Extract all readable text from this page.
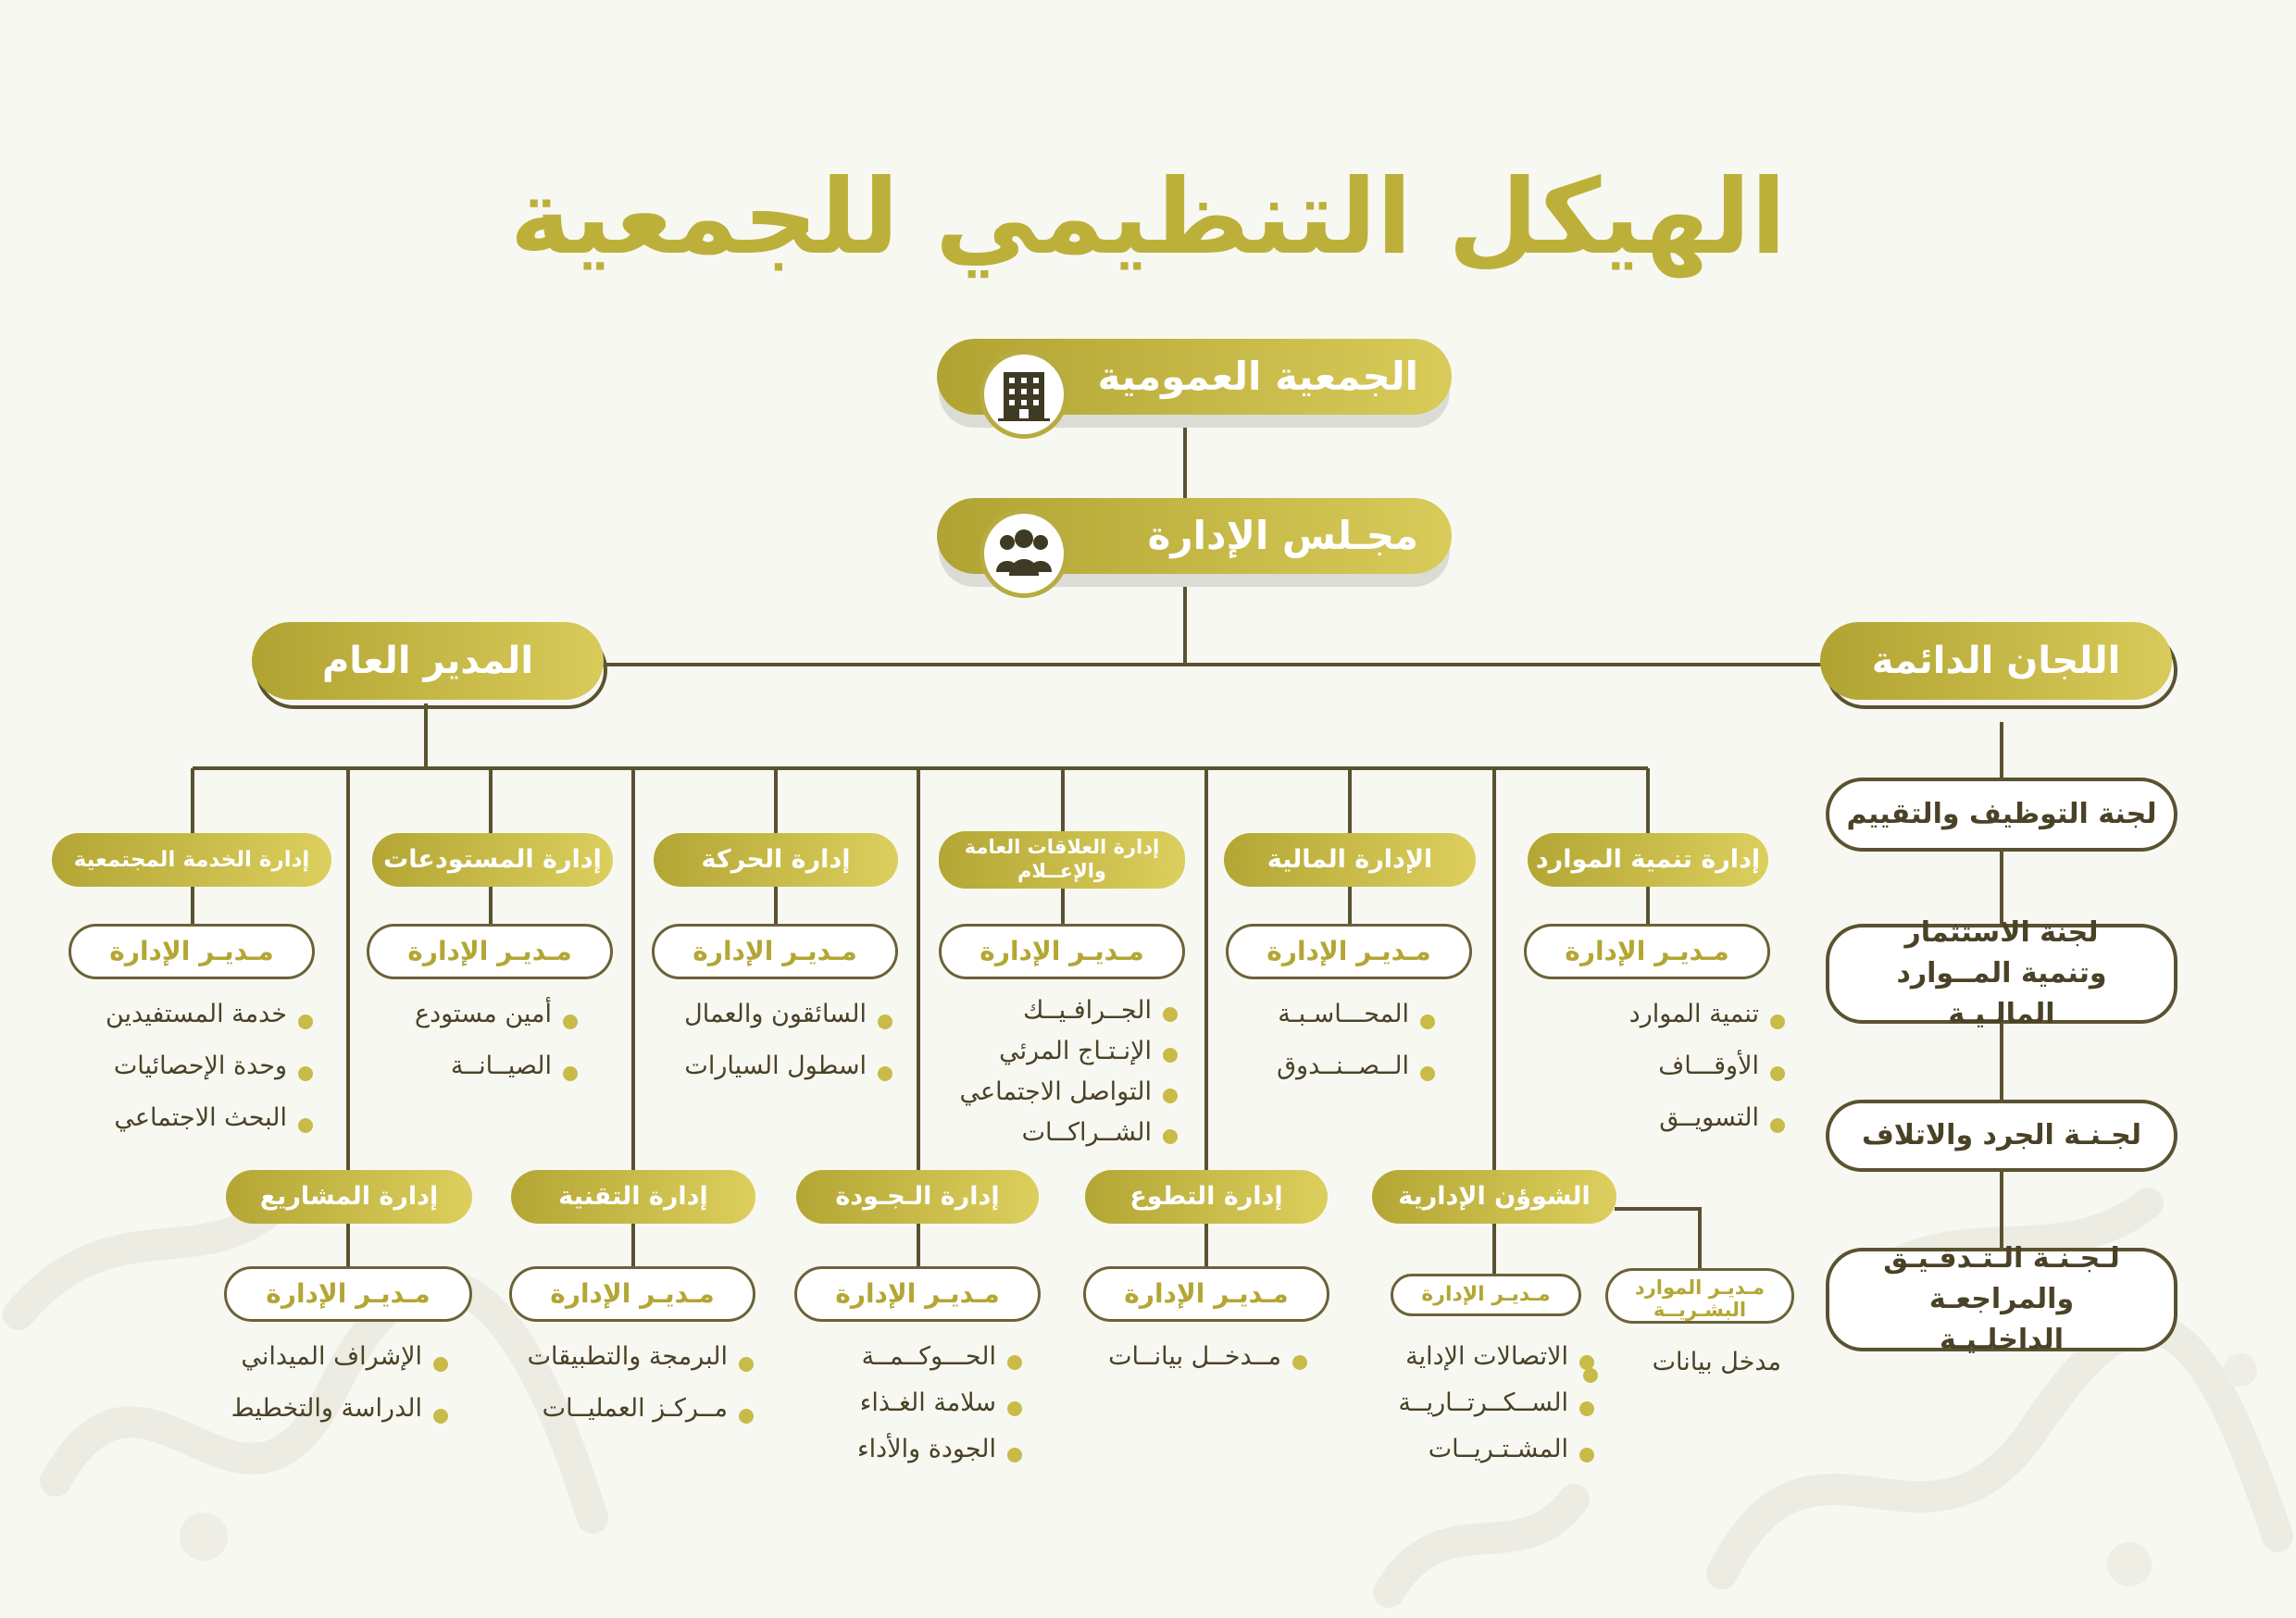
الهيكل التنظيمي للجمعية
الجمعية العمومية
مجـلس الإدارة
المدير العام	اللجان الدائمة
لجنة التوظيف والتقييم
لجنة الاستثمار وتنمية المــوارد المالـيـة
لجـنـة الجرد والاتلاف
لـجـنـة الـتـدقـيـق والمراجعـة الداخلـيـة
إدارة تنمية الموارد
مـديـر الإدارة
تنمية الموارد
الأوقـــاف
التسويــق
الإدارة المالية
مـديـر الإدارة
المحـــاسـبـة
الــصــنــدوق
إدارة العلاقات العامة والإعــلام
مـديـر الإدارة
الجــرافـيــك
الإنـتـاج المرئي
التواصل الاجتماعي
الشــراكــات
إدارة الحركة
مـديـر الإدارة
السائقون والعمال
اسطول السيارات
إدارة المستودعات
مـديـر الإدارة
أمين مستودع
الصيــانــة
إدارة الخدمة المجتمعية
مـديـر الإدارة
خدمة المستفيدين
وحدة الإحصائيات
البحث الاجتماعي
الشوؤن الإدارية
مـديـر الإدارة	مـديـر الموارد البشـريــة
الاتصالات الإداية
الســكــرتــاريــة
المشـتـريــات
مدخل بيانات
إدارة التطوع
مـديـر الإدارة
مــدخــل بيانــات
إدارة الـجـودة
مـديـر الإدارة
الحـــوكــمــة
سلامة الغـذاء
الجودة والأداء
إدارة التقنية
مـديـر الإدارة
البرمجة والتطبيقات
مــركـز العمليــات
إدارة المشاريع
مـديـر الإدارة
الإشراف الميداني
الدراسة والتخطيط
